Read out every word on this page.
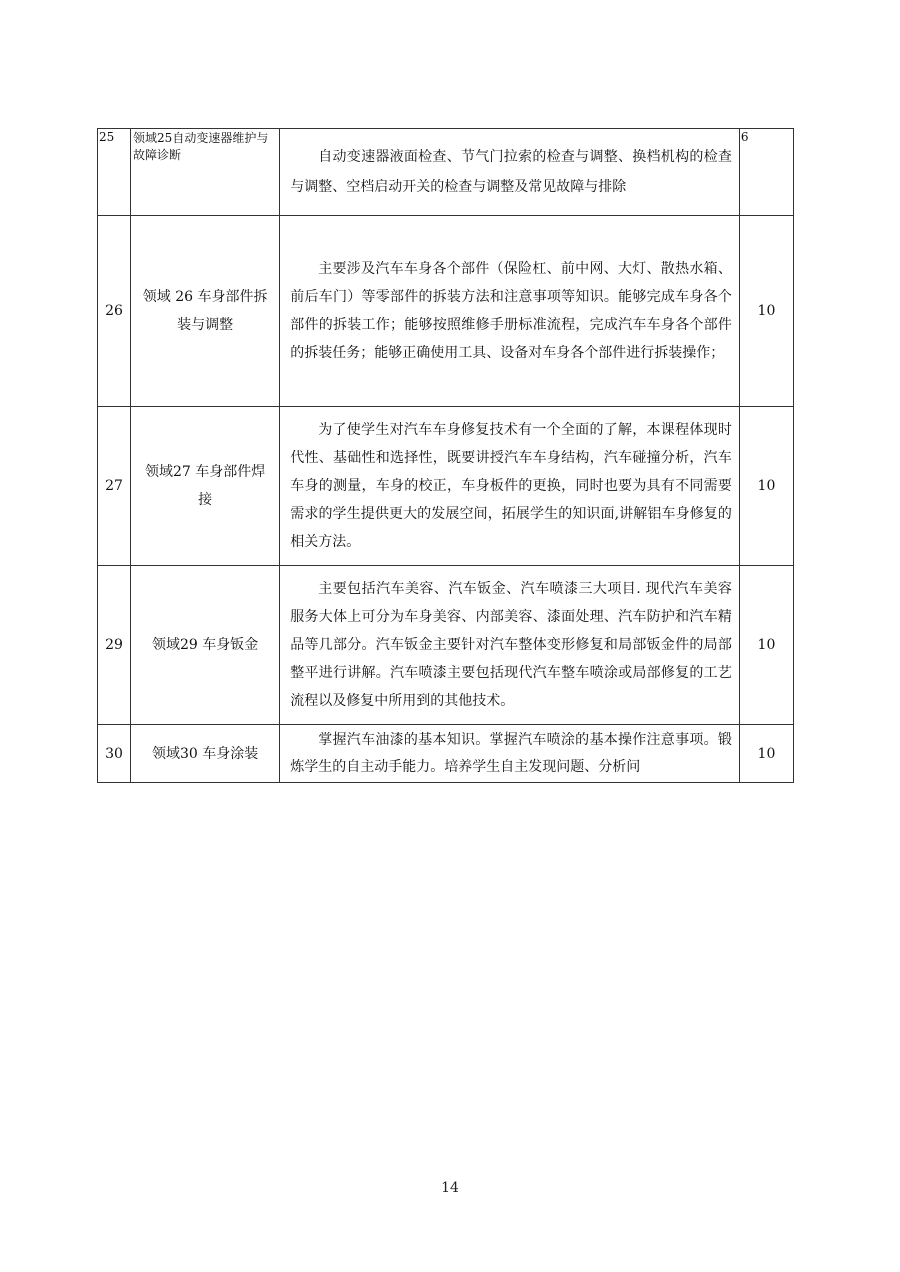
25	领域25自动变速器维护与故障诊断	自动变速器液面检查、节气门拉索的检查与调整、换档机构的检查与调整、空档启动开关的检查与调整及常见故障与排除	6
26	领域 26 车身部件拆装与调整	主要涉及汽车车身各个部件（保险杠、前中网、大灯、散热水箱、前后车门）等零部件的拆装方法和注意事项等知识。能够完成车身各个部件的拆装工作；能够按照维修手册标准流程，完成汽车车身各个部件的拆装任务；能够正确使用工具、设备对车身各个部件进行拆装操作；	10
27	领域27 车身部件焊接	为了使学生对汽车车身修复技术有一个全面的了解，本课程体现时代性、基础性和选择性，既要讲授汽车车身结构，汽车碰撞分析，汽车车身的测量，车身的校正，车身板件的更换，同时也要为具有不同需要需求的学生提供更大的发展空间，拓展学生的知识面,讲解铝车身修复的相关方法。	10
29	领域29 车身钣金	主要包括汽车美容、汽车钣金、汽车喷漆三大项目. 现代汽车美容服务大体上可分为车身美容、内部美容、漆面处理、汽车防护和汽车精品等几部分。汽车钣金主要针对汽车整体变形修复和局部钣金件的局部整平进行讲解。汽车喷漆主要包括现代汽车整车喷涂或局部修复的工艺流程以及修复中所用到的其他技术。	10
30	领域30 车身涂装	掌握汽车油漆的基本知识。掌握汽车喷涂的基本操作注意事项。锻炼学生的自主动手能力。培养学生自主发现问题、分析问	10
14
